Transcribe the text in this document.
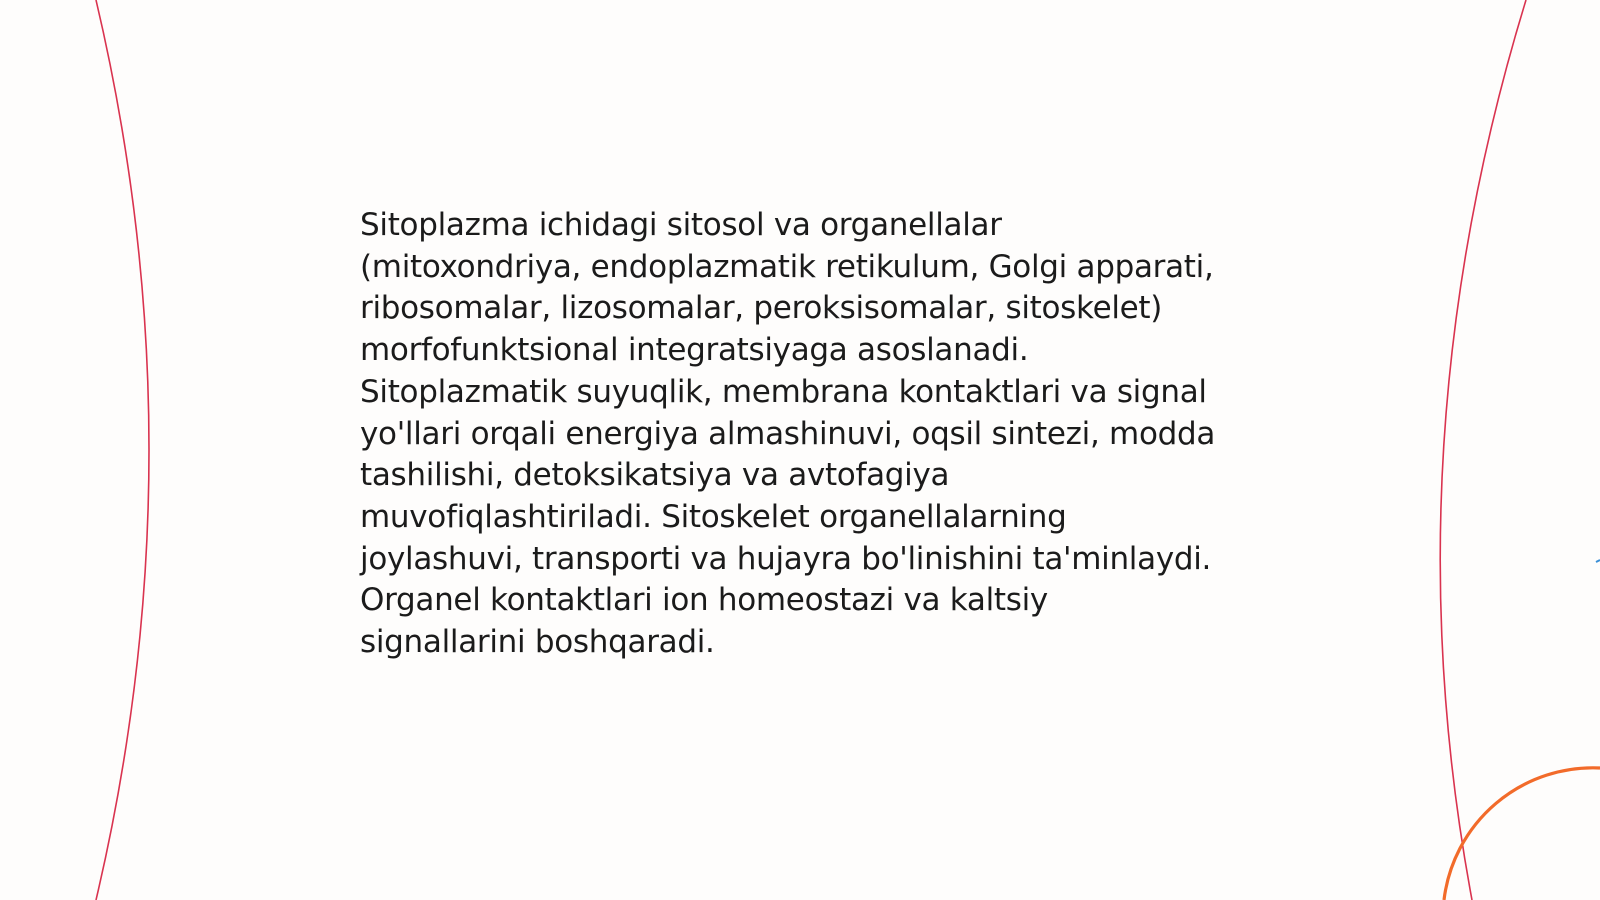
Sitoplazma ichidagi sitosol va organellalar (mitoxondriya, endoplazmatik retikulum, Golgi apparati, ribosomalar, lizosomalar, peroksisomalar, sitoskelet) morfofunktsional integratsiyaga asoslanadi. Sitoplazmatik suyuqlik, membrana kontaktlari va signal yo'llari orqali energiya almashinuvi, oqsil sintezi, modda tashilishi, detoksikatsiya va avtofagiya muvofiqlashtiriladi. Sitoskelet organellalarning joylashuvi, transporti va hujayra bo'linishini ta'minlaydi. Organel kontaktlari ion homeostazi va kaltsiy signallarini boshqaradi.
